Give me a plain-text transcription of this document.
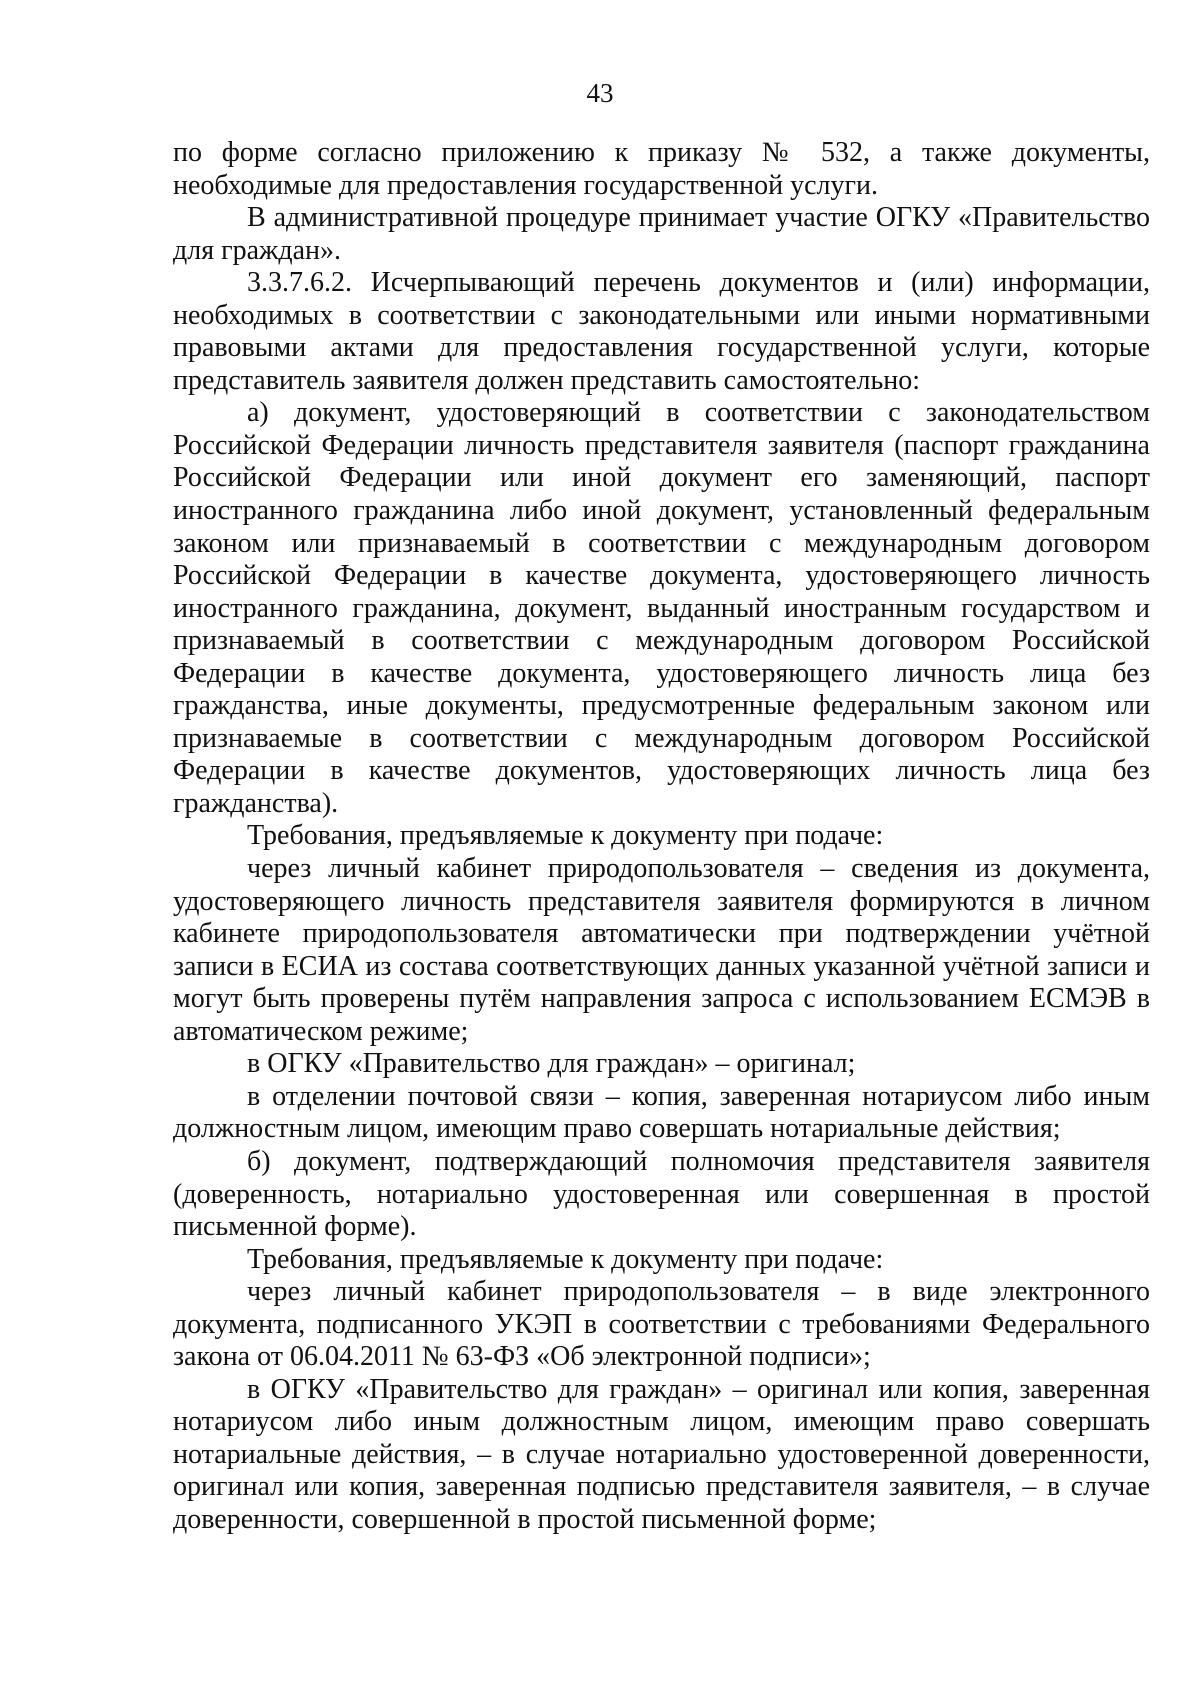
43

по форме согласно приложению к приказу № 532, а также документы, необходимые для предоставления государственной услуги.

В административной процедуре принимает участие ОГКУ «Правительство для граждан».

3.3.7.6.2. Исчерпывающий перечень документов и (или) информации, необходимых в соответствии с законодательными или иными нормативными правовыми актами для предоставления государственной услуги, которые представитель заявителя должен представить самостоятельно:

а) документ, удостоверяющий в соответствии с законодательством Российской Федерации личность представителя заявителя (паспорт гражданина Российской Федерации или иной документ его заменяющий, паспорт иностранного гражданина либо иной документ, установленный федеральным законом или признаваемый в соответствии с международным договором Российской Федерации в качестве документа, удостоверяющего личность иностранного гражданина, документ, выданный иностранным государством и признаваемый в соответствии с международным договором Российской Федерации в качестве документа, удостоверяющего личность лица без гражданства, иные документы, предусмотренные федеральным законом или признаваемые в соответствии с международным договором Российской Федерации в качестве документов, удостоверяющих личность лица без гражданства).

Требования, предъявляемые к документу при подаче:

через личный кабинет природопользователя – сведения из документа, удостоверяющего личность представителя заявителя формируются в личном кабинете природопользователя автоматически при подтверждении учётной записи в ЕСИА из состава соответствующих данных указанной учётной записи и могут быть проверены путём направления запроса с использованием ЕСМЭВ в автоматическом режиме;

в ОГКУ «Правительство для граждан» – оригинал;

в отделении почтовой связи – копия, заверенная нотариусом либо иным должностным лицом, имеющим право совершать нотариальные действия;

б) документ, подтверждающий полномочия представителя заявителя (доверенность, нотариально удостоверенная или совершенная в простой письменной форме).

Требования, предъявляемые к документу при подаче:

через личный кабинет природопользователя – в виде электронного документа, подписанного УКЭП в соответствии с требованиями Федерального закона от 06.04.2011 № 63-ФЗ «Об электронной подписи»;

в ОГКУ «Правительство для граждан» – оригинал или копия, заверенная нотариусом либо иным должностным лицом, имеющим право совершать нотариальные действия, – в случае нотариально удостоверенной доверенности, оригинал или копия, заверенная подписью представителя заявителя, – в случае доверенности, совершенной в простой письменной форме;
